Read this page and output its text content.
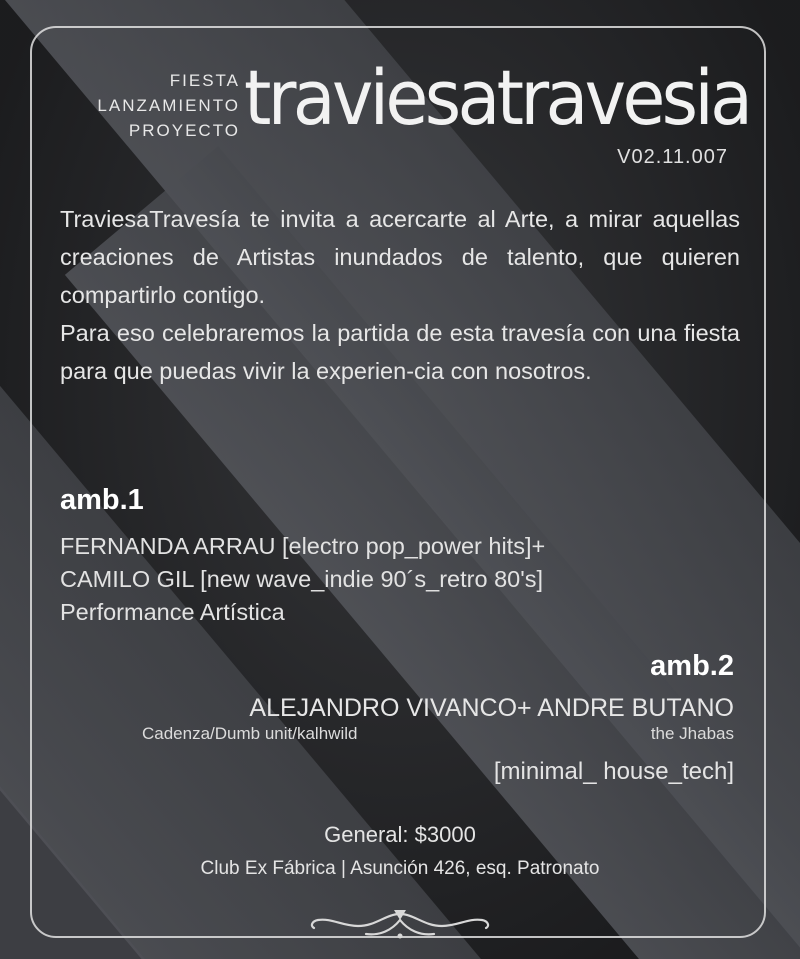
FIESTA
LANZAMIENTO
PROYECTO traviesatravesia
V02.11.007

TraviesaTravesía te invita a acercarte al Arte, a mirar aquellas creaciones de Artistas inundados de talento, que quieren compartirlo contigo.

Para eso celebraremos la partida de esta travesía con una fiesta para que puedas vivir la experien-cia con nosotros.

amb.1
FERNANDA ARRAU [electro pop_power hits]+
CAMILO GIL [new wave_indie 90´s_retro 80's]
Performance Artística
amb.2
ALEJANDRO VIVANCO+ ANDRE BUTANO
Cadenza/Dumb unit/kalhwild	the Jhabas
[minimal_ house_tech]
General: $3000
Club Ex Fábrica | Asunción 426, esq. Patronato
